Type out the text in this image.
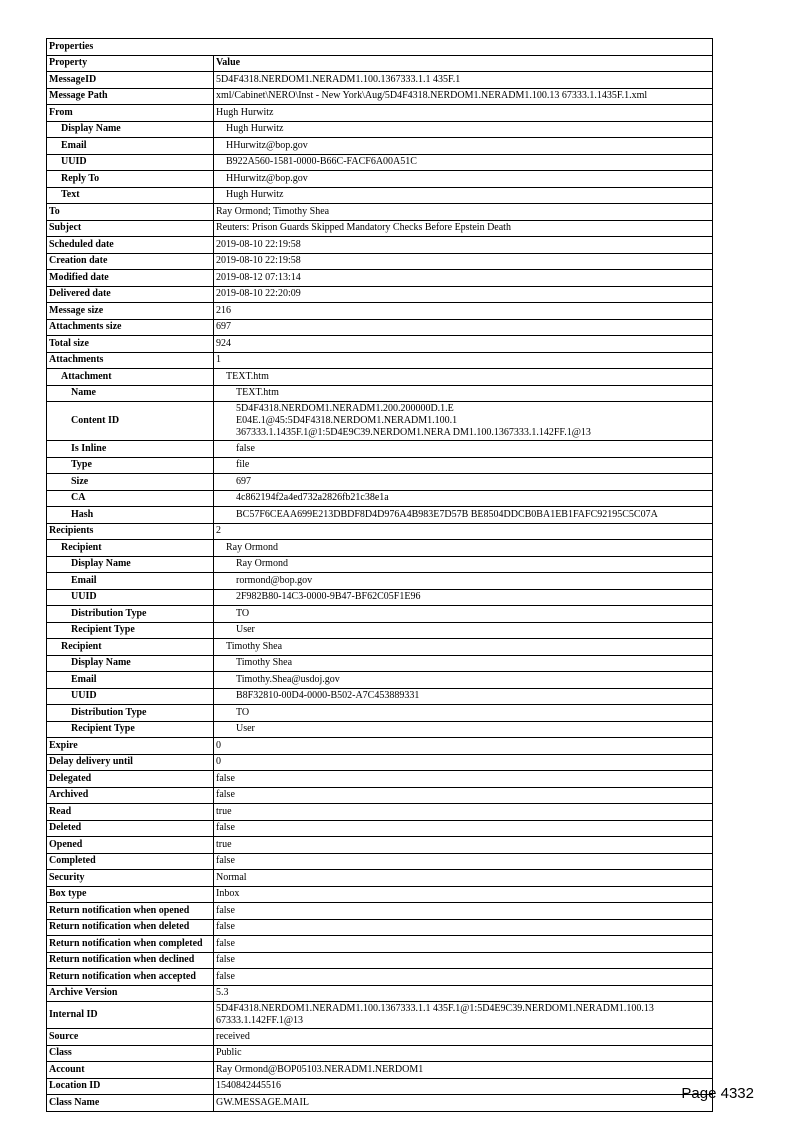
Properties	
Property	Value
MessageID	5D4F4318.NERDOM1.NERADM1.100.1367333.1.1 435F.1
Message Path	xml/Cabinet\NERO\Inst - New York\Aug/5D4F4318.NERDOM1.NERADM1.100.13 67333.1.1435F.1.xml
From	Hugh Hurwitz
Display Name	Hugh Hurwitz
Email	HHurwitz@bop.gov
UUID	B922A560-1581-0000-B66C-FACF6A00A51C
Reply To	HHurwitz@bop.gov
Text	Hugh Hurwitz
To	Ray Ormond; Timothy Shea
Subject	Reuters: Prison Guards Skipped Mandatory Checks Before Epstein Death
Scheduled date	2019-08-10 22:19:58
Creation date	2019-08-10 22:19:58
Modified date	2019-08-12 07:13:14
Delivered date	2019-08-10 22:20:09
Message size	216
Attachments size	697
Total size	924
Attachments	1
Attachment	TEXT.htm
Name	TEXT.htm
Content ID	5D4F4318.NERDOM1.NERADM1.200.200000D.1.E
E04E.1@45:5D4F4318.NERDOM1.NERADM1.100.1
367333.1.1435F.1@1:5D4E9C39.NERDOM1.NERA DM1.100.1367333.1.142FF.1@13
Is Inline	false
Type	file
Size	697
CA	4c862194f2a4ed732a2826fb21c38e1a
Hash	BC57F6CEAA699E213DBDF8D4D976A4B983E7D57B BE8504DDCB0BA1EB1FAFC92195C5C07A
Recipients	2
Recipient	Ray Ormond
Display Name	Ray Ormond
Email	rormond@bop.gov
UUID	2F982B80-14C3-0000-9B47-BF62C05F1E96
Distribution Type	TO
Recipient Type	User
Recipient	Timothy Shea
Display Name	Timothy Shea
Email	Timothy.Shea@usdoj.gov
UUID	B8F32810-00D4-0000-B502-A7C453889331
Distribution Type	TO
Recipient Type	User
Expire	0
Delay delivery until	0
Delegated	false
Archived	false
Read	true
Deleted	false
Opened	true
Completed	false
Security	Normal
Box type	Inbox
Return notification when opened	false
Return notification when deleted	false
Return notification when completed	false
Return notification when declined	false
Return notification when accepted	false
Archive Version	5.3
Internal ID	5D4F4318.NERDOM1.NERADM1.100.1367333.1.1 435F.1@1:5D4E9C39.NERDOM1.NERADM1.100.13 67333.1.142FF.1@13
Source	received
Class	Public
Account	Ray Ormond@BOP05103.NERADM1.NERDOM1
Location ID	1540842445516
Class Name	GW.MESSAGE.MAIL
Page 4332
